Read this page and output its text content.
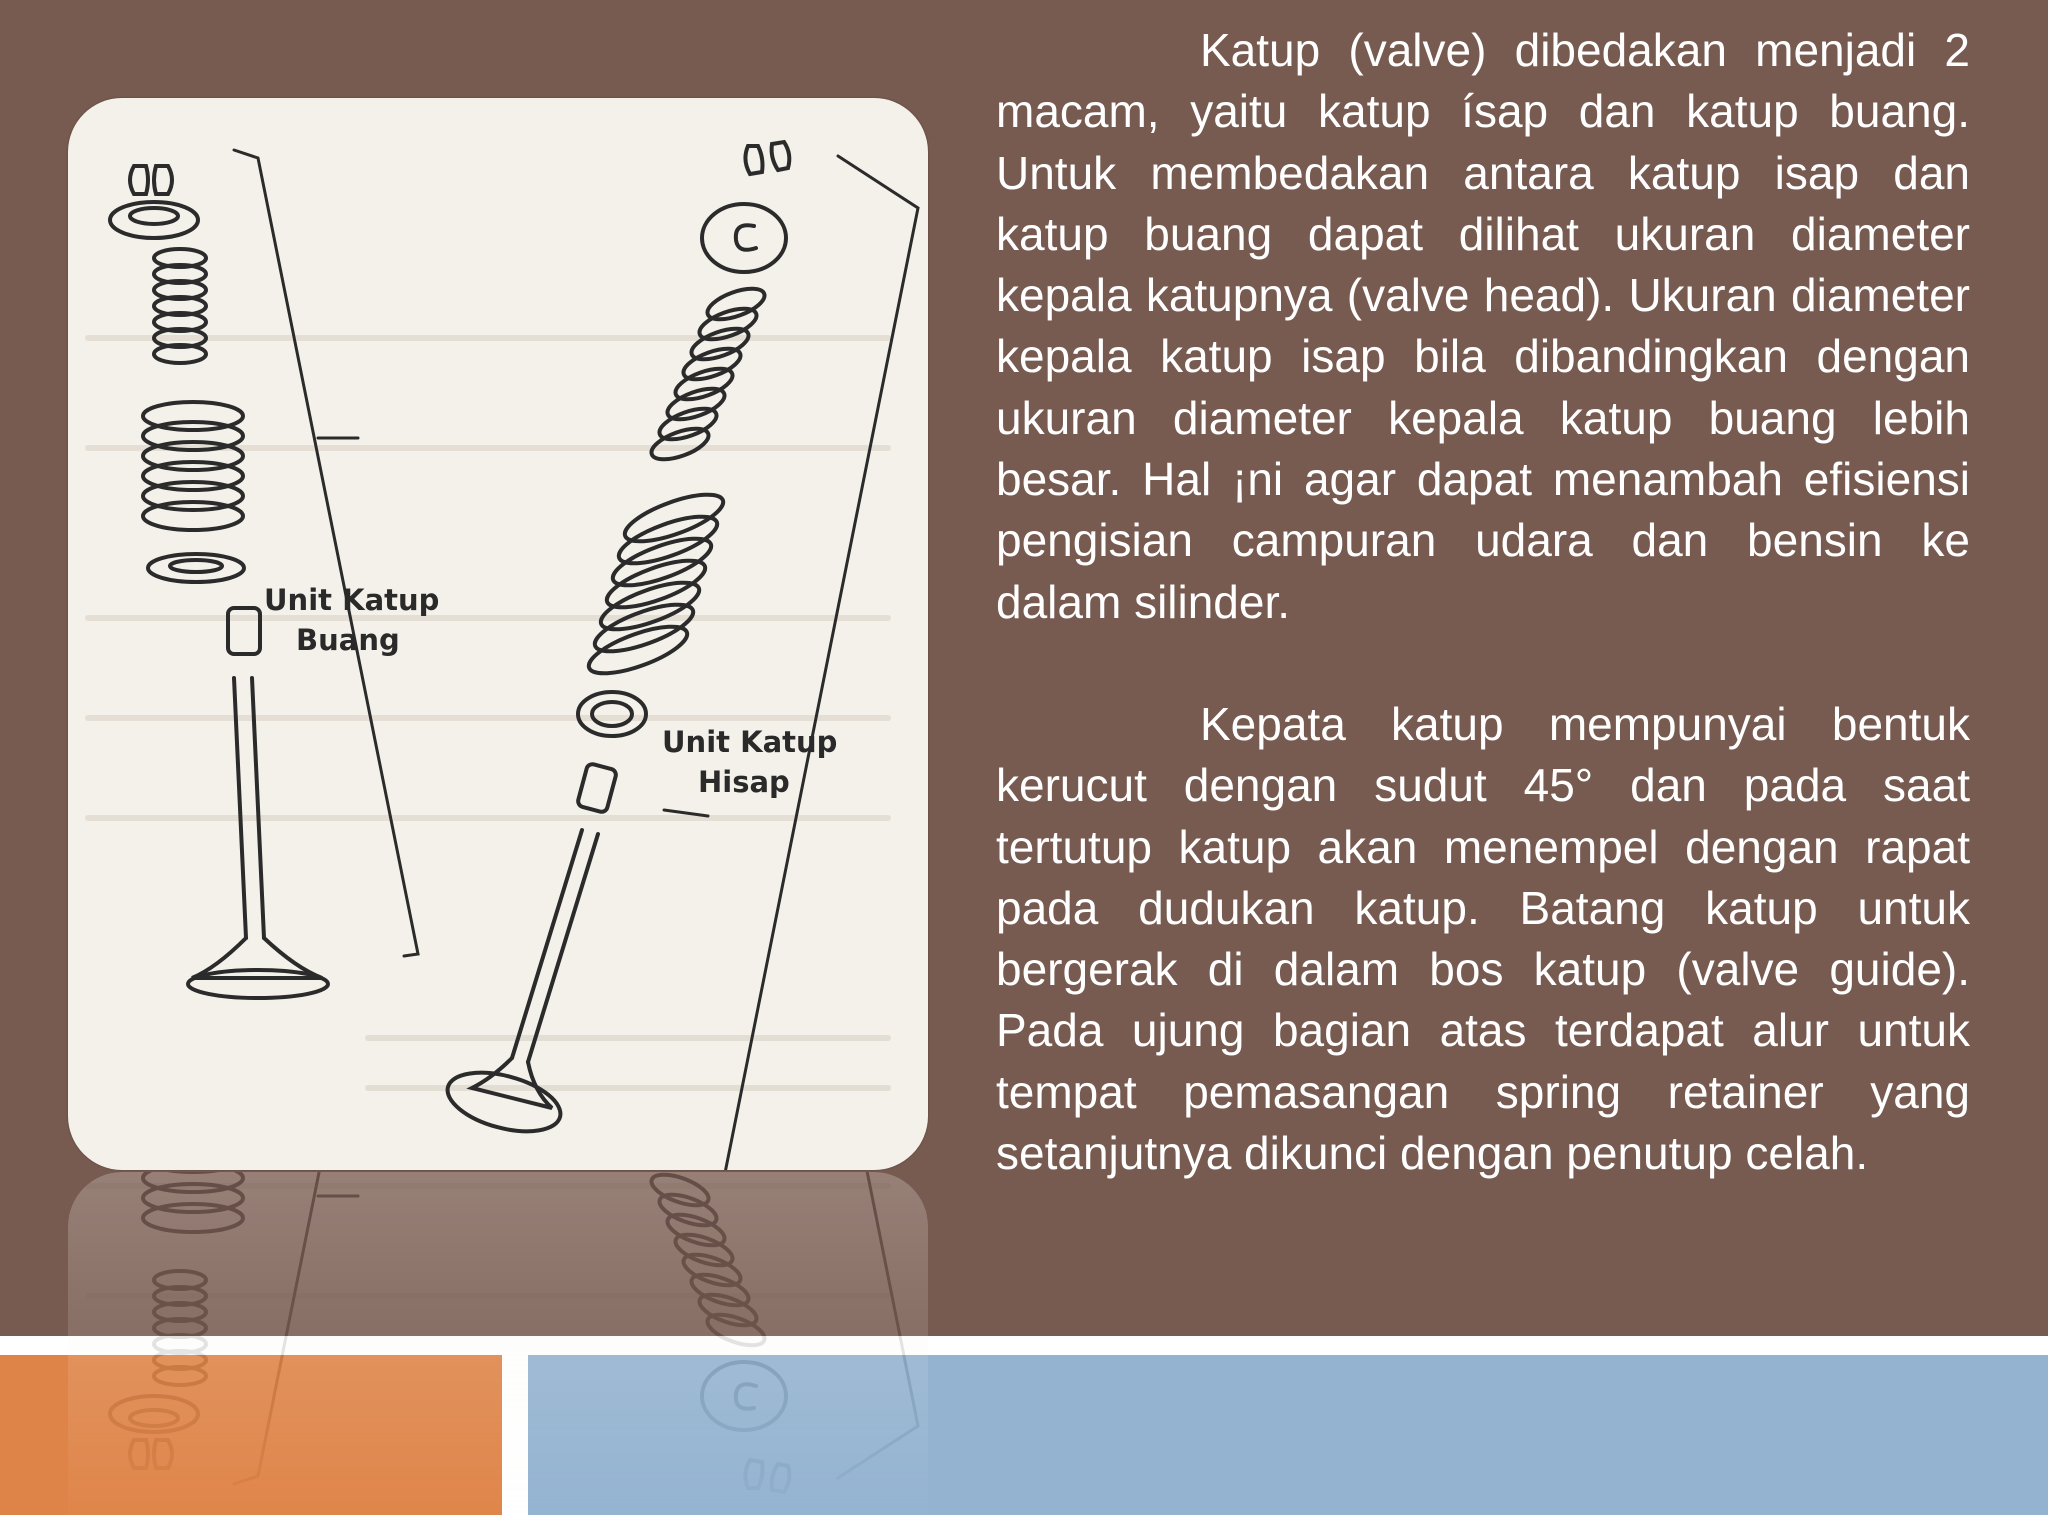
Unit Katup
Buang
Unit Katup
Hisap

Katup (valve) dibedakan menjadi 2 macam, yaitu katup ísap dan katup buang. Untuk membedakan antara katup isap dan katup buang dapat dilihat ukuran diameter kepala katupnya (valve head). Ukuran diameter kepala katup isap bila dibandingkan dengan ukuran diameter kepala katup buang lebih besar. Hal ¡ni agar dapat menambah efisiensi pengisian campuran udara dan bensin ke dalam silinder.

Kepata katup mempunyai bentuk kerucut dengan sudut 45° dan pada saat tertutup katup akan menempel dengan rapat pada dudukan katup. Batang katup untuk bergerak di dalam bos katup (valve guide). Pada ujung bagian atas terdapat alur untuk tempat pemasangan spring retainer yang setanjutnya dikunci dengan penutup celah.
